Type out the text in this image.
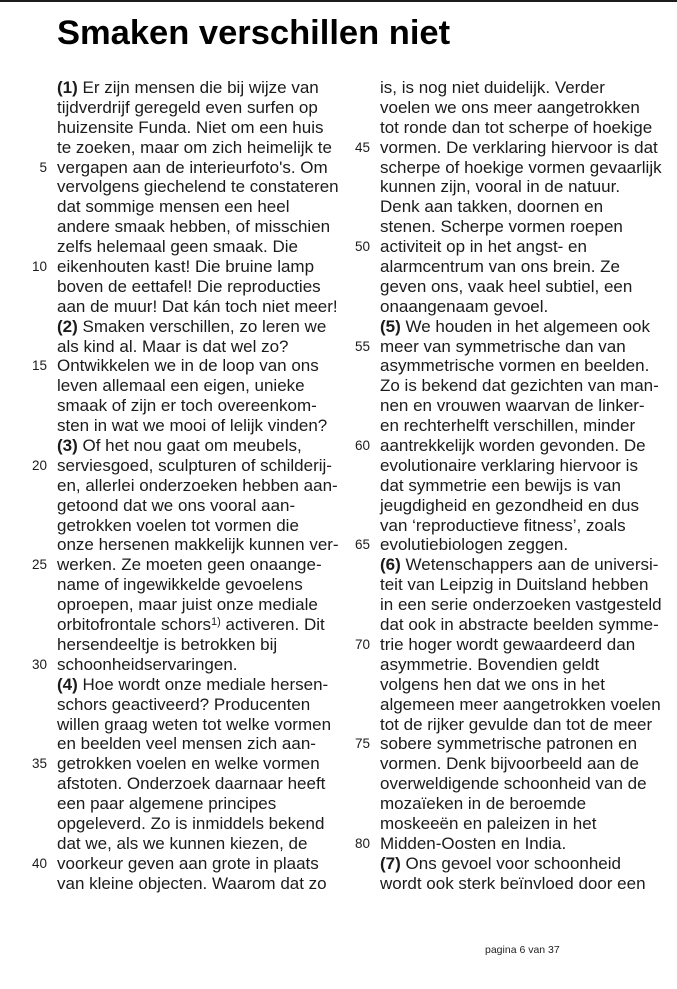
Smaken verschillen niet
(1) Er zijn mensen die bij wijze van
tijdverdrijf geregeld even surfen op
huizensite Funda. Niet om een huis
te zoeken, maar om zich heimelijk te
5 vergapen aan de interieurfoto's. Om
vervolgens giechelend te constateren
dat sommige mensen een heel
andere smaak hebben, of misschien
zelfs helemaal geen smaak. Die
10 eikenhouten kast! Die bruine lamp
boven de eettafel! Die reproducties
aan de muur! Dat kán toch niet meer!
(2) Smaken verschillen, zo leren we
als kind al. Maar is dat wel zo?
15 Ontwikkelen we in de loop van ons
leven allemaal een eigen, unieke
smaak of zijn er toch overeenkom-
sten in wat we mooi of lelijk vinden?
(3) Of het nou gaat om meubels,
20 serviesgoed, sculpturen of schilderij-
en, allerlei onderzoeken hebben aan-
getoond dat we ons vooral aan-
getrokken voelen tot vormen die
onze hersenen makkelijk kunnen ver-
25 werken. Ze moeten geen onaange-
name of ingewikkelde gevoelens
oproepen, maar juist onze mediale
orbitofrontale schors$^{1)}$ activeren. Dit
hersendeeltje is betrokken bij
30 schoonheidservaringen.
(4) Hoe wordt onze mediale hersen-
schors geactiveerd? Producenten
willen graag weten tot welke vormen
en beelden veel mensen zich aan-
35 getrokken voelen en welke vormen
afstoten. Onderzoek daarnaar heeft
een paar algemene principes
opgeleverd. Zo is inmiddels bekend
dat we, als we kunnen kiezen, de
40 voorkeur geven aan grote in plaats
van kleine objecten. Waarom dat zo
is, is nog niet duidelijk. Verder
voelen we ons meer aangetrokken
tot ronde dan tot scherpe of hoekige
45 vormen. De verklaring hiervoor is dat
scherpe of hoekige vormen gevaarlijk
kunnen zijn, vooral in de natuur.
Denk aan takken, doornen en
stenen. Scherpe vormen roepen
50 activiteit op in het angst- en
alarmcentrum van ons brein. Ze
geven ons, vaak heel subtiel, een
onaangenaam gevoel.
(5) We houden in het algemeen ook
55 meer van symmetrische dan van
asymmetrische vormen en beelden.
Zo is bekend dat gezichten van man-
nen en vrouwen waarvan de linker-
en rechterhelft verschillen, minder
60 aantrekkelijk worden gevonden. De
evolutionaire verklaring hiervoor is
dat symmetrie een bewijs is van
jeugdigheid en gezondheid en dus
van ‘reproductieve fitness’, zoals
65 evolutiebiologen zeggen.
(6) Wetenschappers aan de universi-
teit van Leipzig in Duitsland hebben
in een serie onderzoeken vastgesteld
dat ook in abstracte beelden symme-
70 trie hoger wordt gewaardeerd dan
asymmetrie. Bovendien geldt
volgens hen dat we ons in het
algemeen meer aangetrokken voelen
tot de rijker gevulde dan tot de meer
75 sobere symmetrische patronen en
vormen. Denk bijvoorbeeld aan de
overweldigende schoonheid van de
mozaïeken in de beroemde
moskeeën en paleizen in het
80 Midden-Oosten en India.
(7) Ons gevoel voor schoonheid
wordt ook sterk beïnvloed door een
pagina 6 van 37
